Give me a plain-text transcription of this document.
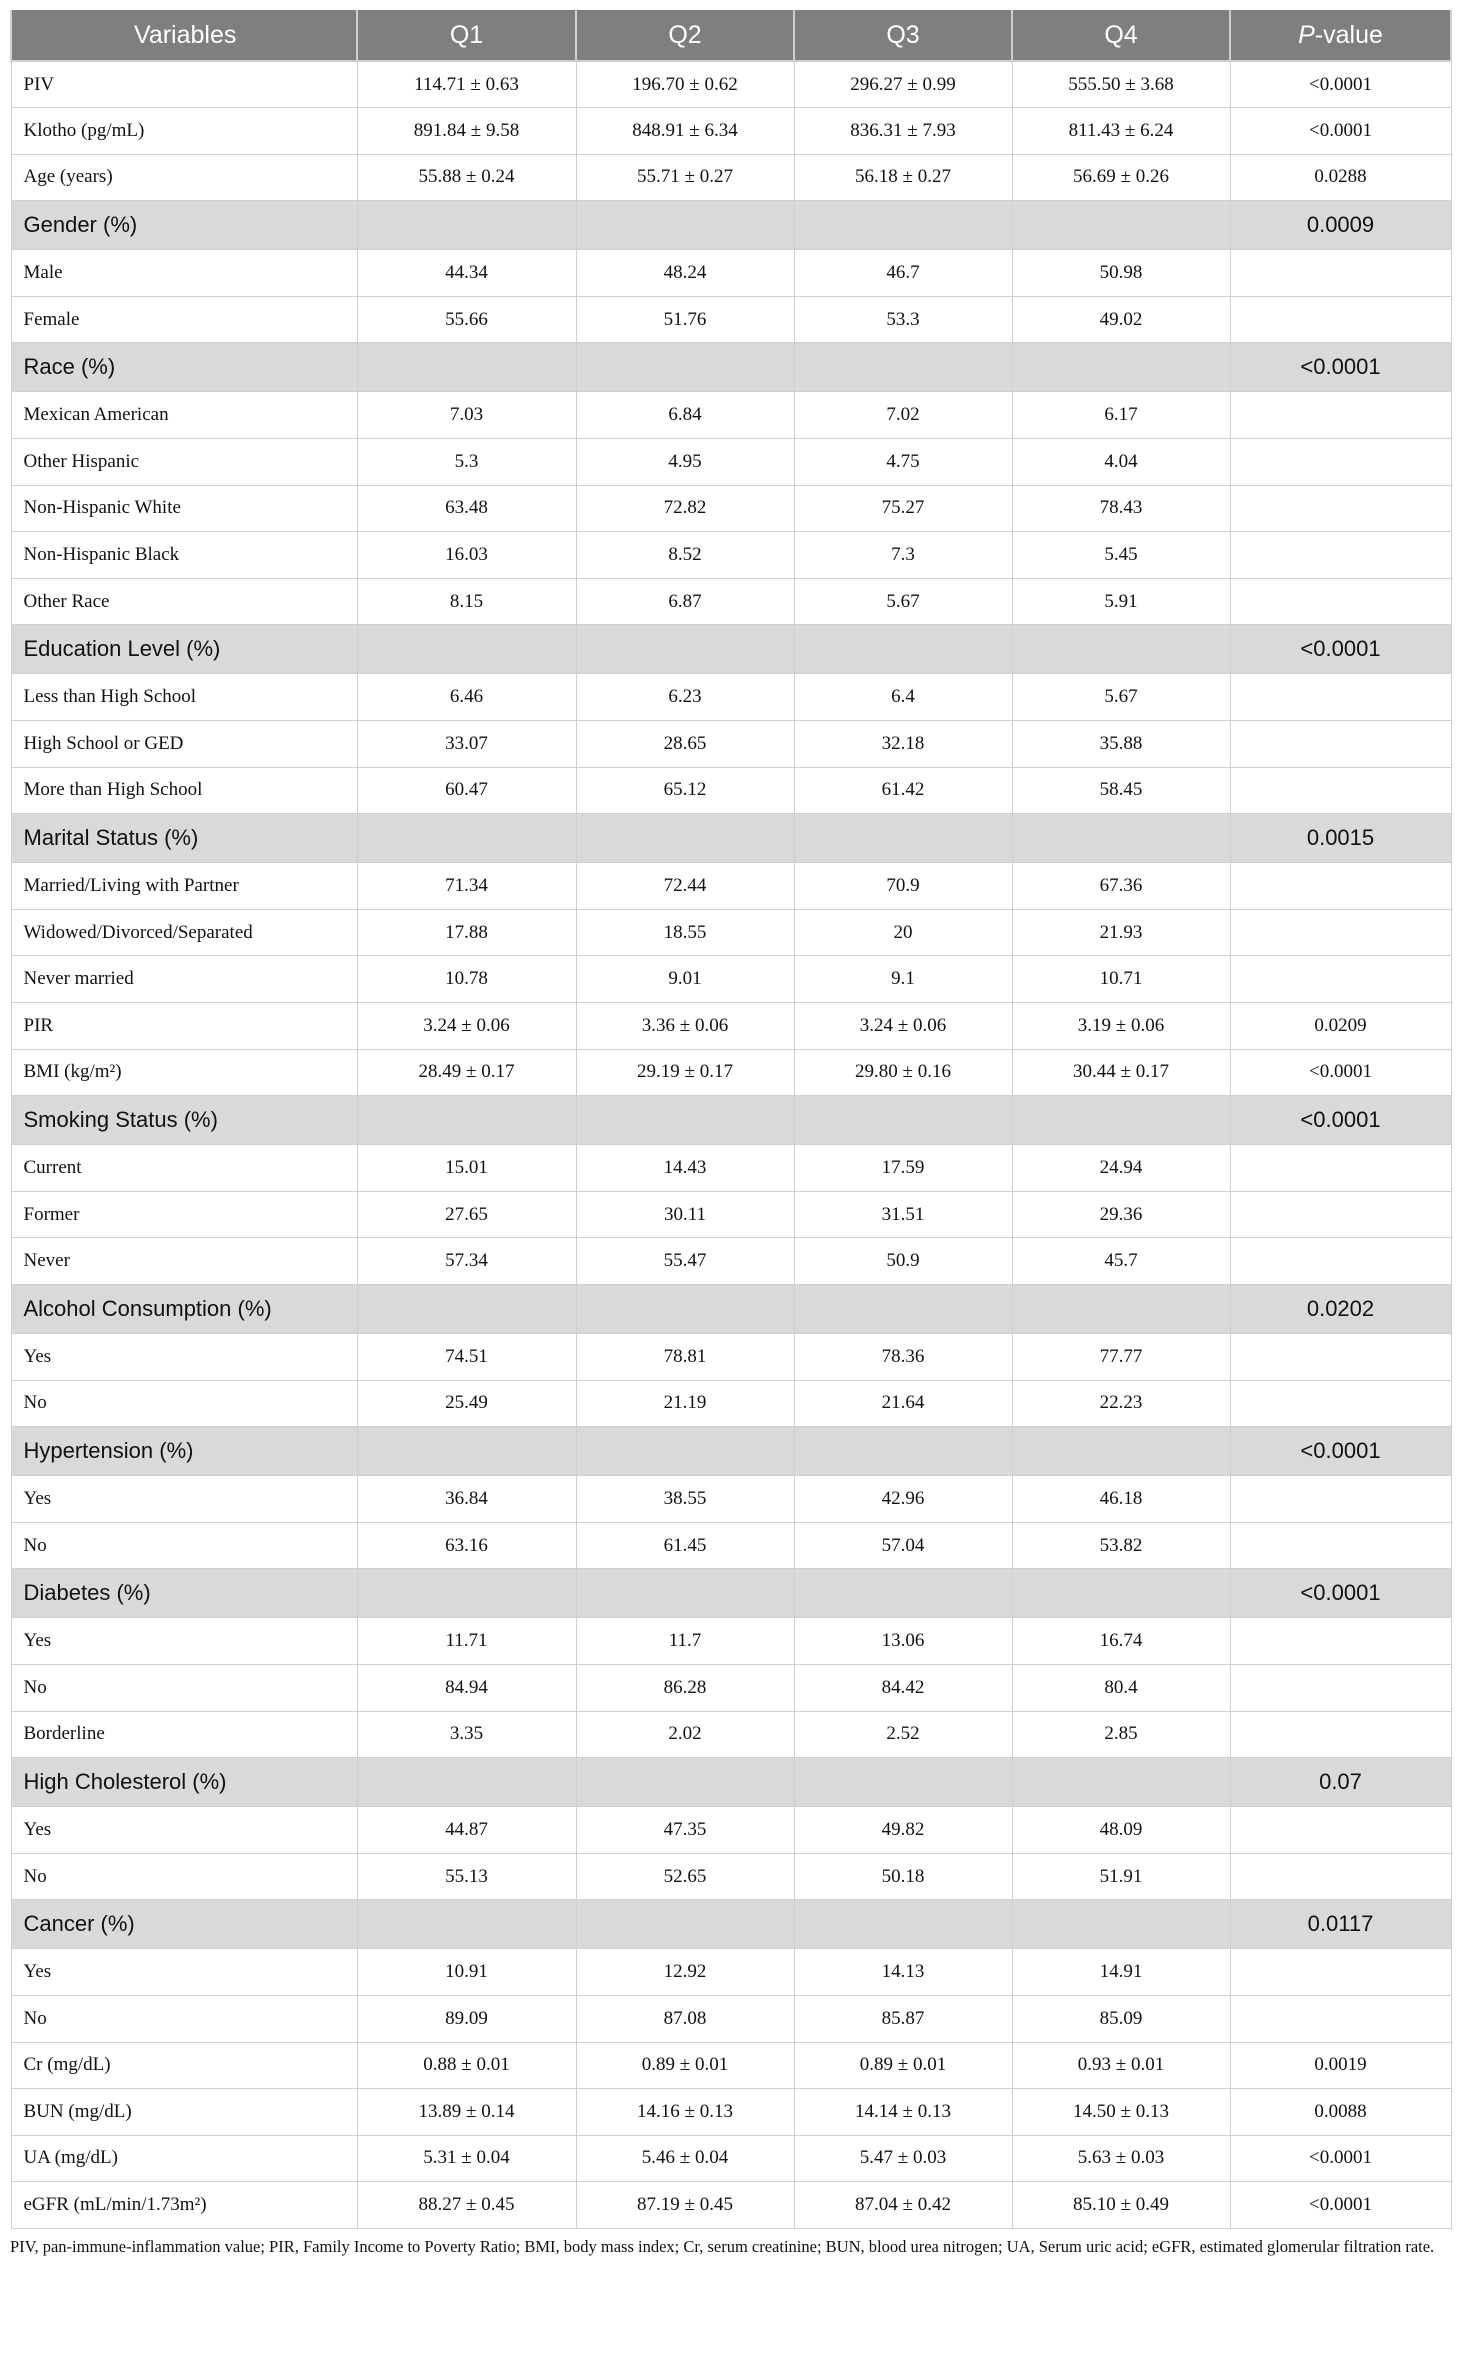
Variables	Q1	Q2	Q3	Q4	P-value
PIV	114.71 ± 0.63	196.70 ± 0.62	296.27 ± 0.99	555.50 ± 3.68	<0.0001
Klotho (pg/mL)	891.84 ± 9.58	848.91 ± 6.34	836.31 ± 7.93	811.43 ± 6.24	<0.0001
Age (years)	55.88 ± 0.24	55.71 ± 0.27	56.18 ± 0.27	56.69 ± 0.26	0.0288
Gender (%)					0.0009
Male	44.34	48.24	46.7	50.98	
Female	55.66	51.76	53.3	49.02	
Race (%)					<0.0001
Mexican American	7.03	6.84	7.02	6.17	
Other Hispanic	5.3	4.95	4.75	4.04	
Non-Hispanic White	63.48	72.82	75.27	78.43	
Non-Hispanic Black	16.03	8.52	7.3	5.45	
Other Race	8.15	6.87	5.67	5.91	
Education Level (%)					<0.0001
Less than High School	6.46	6.23	6.4	5.67	
High School or GED	33.07	28.65	32.18	35.88	
More than High School	60.47	65.12	61.42	58.45	
Marital Status (%)					0.0015
Married/Living with Partner	71.34	72.44	70.9	67.36	
Widowed/Divorced/Separated	17.88	18.55	20	21.93	
Never married	10.78	9.01	9.1	10.71	
PIR	3.24 ± 0.06	3.36 ± 0.06	3.24 ± 0.06	3.19 ± 0.06	0.0209
BMI (kg/m²)	28.49 ± 0.17	29.19 ± 0.17	29.80 ± 0.16	30.44 ± 0.17	<0.0001
Smoking Status (%)					<0.0001
Current	15.01	14.43	17.59	24.94	
Former	27.65	30.11	31.51	29.36	
Never	57.34	55.47	50.9	45.7	
Alcohol Consumption (%)					0.0202
Yes	74.51	78.81	78.36	77.77	
No	25.49	21.19	21.64	22.23	
Hypertension (%)					<0.0001
Yes	36.84	38.55	42.96	46.18	
No	63.16	61.45	57.04	53.82	
Diabetes (%)					<0.0001
Yes	11.71	11.7	13.06	16.74	
No	84.94	86.28	84.42	80.4	
Borderline	3.35	2.02	2.52	2.85	
High Cholesterol (%)					0.07
Yes	44.87	47.35	49.82	48.09	
No	55.13	52.65	50.18	51.91	
Cancer (%)					0.0117
Yes	10.91	12.92	14.13	14.91	
No	89.09	87.08	85.87	85.09	
Cr (mg/dL)	0.88 ± 0.01	0.89 ± 0.01	0.89 ± 0.01	0.93 ± 0.01	0.0019
BUN (mg/dL)	13.89 ± 0.14	14.16 ± 0.13	14.14 ± 0.13	14.50 ± 0.13	0.0088
UA (mg/dL)	5.31 ± 0.04	5.46 ± 0.04	5.47 ± 0.03	5.63 ± 0.03	<0.0001
eGFR (mL/min/1.73m²)	88.27 ± 0.45	87.19 ± 0.45	87.04 ± 0.42	85.10 ± 0.49	<0.0001
PIV, pan-immune-inflammation value; PIR, Family Income to Poverty Ratio; BMI, body mass index; Cr, serum creatinine; BUN, blood urea nitrogen; UA, Serum uric acid; eGFR, estimated glomerular filtration rate.
